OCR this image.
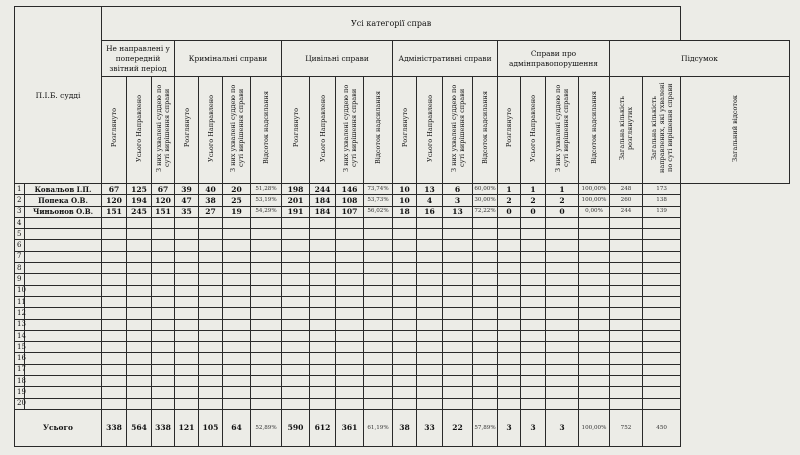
П.І.Б. судді		Усі категорії справ																					
		Не направлені у попередній звітний період			Кримінальні справи				Цивільні справи				Адміністративні справи				Справи про адмінправопорушення				Підсумок		
		Розглянуто	Усього Направлено	З них ухвалені суддею по суті вирішення справи	Розглянуто	Усього Направлено	З них ухвалені суддею по суті вирішення справи	Відсоток надсилання	Розглянуто	Усього Направлено	З них ухвалені суддею по суті вирішення справи	Відсоток надсилання	Розглянуто	Усього Направлено	З них ухвалені суддею по суті вирішення справи	Відсоток надсилання	Розглянуто	Усього Направлено	З них ухвалені суддею по суті вирішення справи	Відсоток надсилання	Загальна кількість розглянутих	Загальна кількість направлених, які ухвалені по суті вирішення справи	Загальний відсоток
1	Ковальов І.П.	67	125	67	39	40	20	51,28%	198	244	146	73,74%	10	13	6	60,00%	1	1	1	100,00%	248	173	
2	Попека О.В.	120	194	120	47	38	25	53,19%	201	184	108	53,73%	10	4	3	30,00%	2	2	2	100,00%	260	138	
3	Чиньонов О.В.	151	245	151	35	27	19	54,29%	191	184	107	56,02%	18	16	13	72,22%	0	0	0	0,00%	244	139	
4																							
5																							
6																							
7																							
8																							
9																							
10																							
11																							
12																							
13																							
14																							
15																							
16																							
17																							
18																							
19																							
20																							
Усього		338	564	338	121	105	64	52,89%	590	612	361	61,19%	38	33	22	57,89%	3	3	3	100,00%	752	450	
